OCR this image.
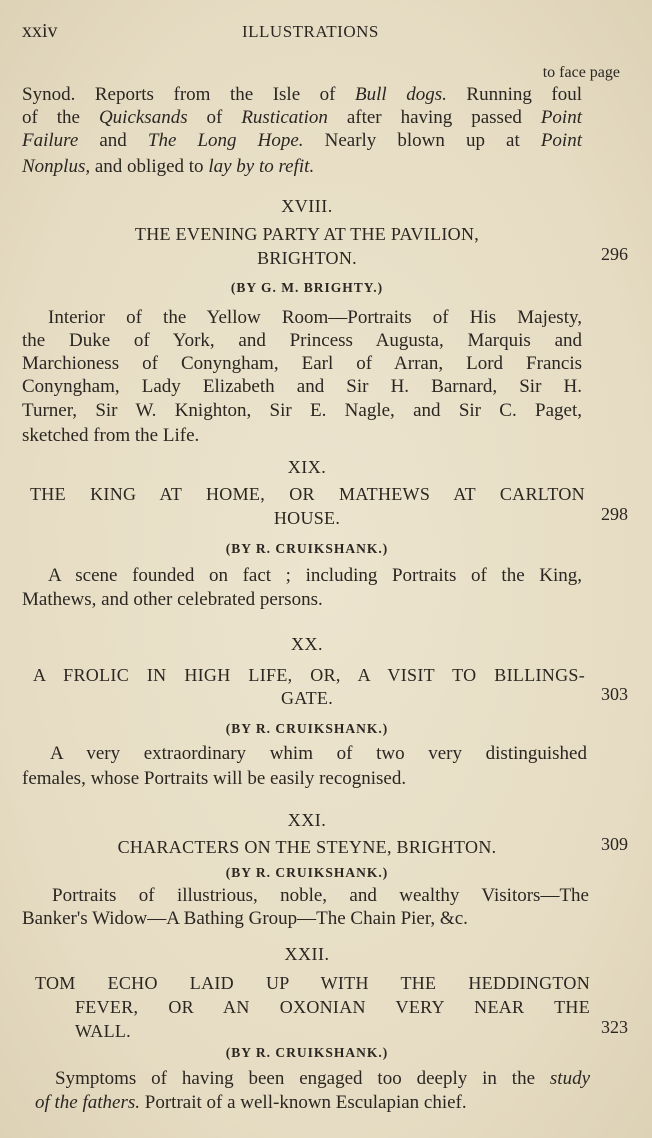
xxiv	ILLUSTRATIONS
to face page
Synod. Reports from the Isle of Bull dogs. Running foul
of the Quicksands of Rustication after having passed Point
Failure and The Long Hope. Nearly blown up at Point
Nonplus, and obliged to lay by to refit.
XVIII.
THE EVENING PARTY AT THE PAVILION,
BRIGHTON.	296
(BY G. M. BRIGHTY.)
Interior of the Yellow Room—Portraits of His Majesty,
the Duke of York, and Princess Augusta, Marquis and
Marchioness of Conyngham, Earl of Arran, Lord Francis
Conyngham, Lady Elizabeth and Sir H. Barnard, Sir H.
Turner, Sir W. Knighton, Sir E. Nagle, and Sir C. Paget,
sketched from the Life.
XIX.
THE KING AT HOME, OR MATHEWS AT CARLTON
HOUSE.	298
(BY R. CRUIKSHANK.)
A scene founded on fact ; including Portraits of the King,
Mathews, and other celebrated persons.
XX.
A FROLIC IN HIGH LIFE, OR, A VISIT TO BILLINGS-
GATE.	303
(BY R. CRUIKSHANK.)
A very extraordinary whim of two very distinguished
females, whose Portraits will be easily recognised.
XXI.
CHARACTERS ON THE STEYNE, BRIGHTON.	309
(BY R. CRUIKSHANK.)
Portraits of illustrious, noble, and wealthy Visitors—The
Banker's Widow—A Bathing Group—The Chain Pier, &c.
XXII.
TOM ECHO LAID UP WITH THE HEDDINGTON
FEVER, OR AN OXONIAN VERY NEAR THE
WALL.	323
(BY R. CRUIKSHANK.)
Symptoms of having been engaged too deeply in the study
of the fathers. Portrait of a well-known Esculapian chief.
